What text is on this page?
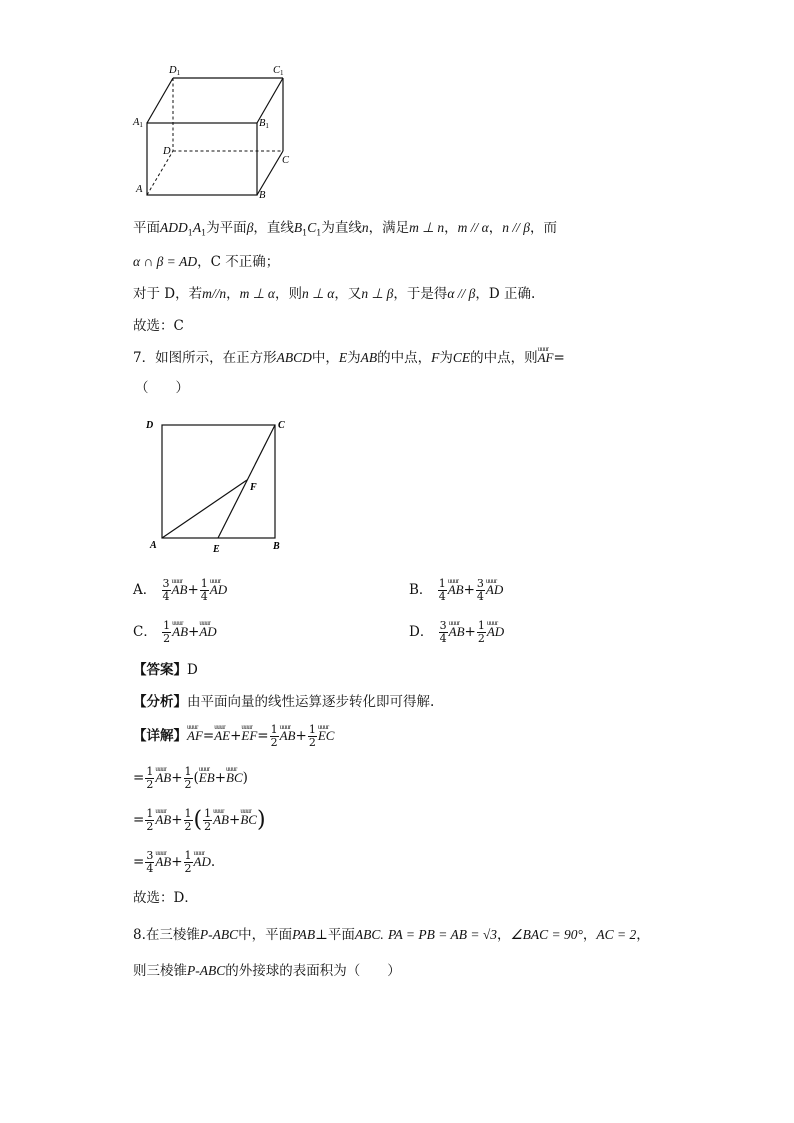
D1	C1
A1	B1
D
C
A
B
平面$ADD_1A_1$为平面β，直线$B_1C_1$为直线n，满足m ⊥ n，m // α，n // β，而
α ∩ β = AD，C 不正确；
对于 D，若m//n，m ⊥ α，则n ⊥ α，又n ⊥ β，于是得α // β，D 正确.
故选：C
7．如图所示，在正方形ABCD中，E为AB的中点，F为CE的中点，则uuur AF=
（　　）
D	C
F
A	E	B
A． $\frac{3}{4}$ uuur $AB+ \frac{1}{4}$ uuur AD	B． $\frac{1}{4}$ uuur $AB+ \frac{3}{4}$ uuur AD
C． $\frac{1}{2}$ uuur AB+uuur AD	D． $\frac{3}{4}$ uuur $AB+ \frac{1}{2}$ uuur AD
【答案】D
【分析】由平面向量的线性运算逐步转化即可得解.
【详解】uuur AF=uuur AE+uuur $EF= \frac{1}{2}$ uuur $AB+ \frac{1}{2}$ uuur EC
= $\frac{1}{2}$ uuur $AB+ \frac{1}{2}$ (uuur EB+uuur BC)
= $\frac{1}{2}$ uuur $AB+ \frac{1}{2}$ ( $\frac{1}{2}$ uuur AB+uuur BC)
= $\frac{3}{4}$ uuur $AB+ \frac{1}{2}$ uuur AD.
故选：D．
8.在三棱锥P-ABC中，平面PAB⊥平面ABC. PA = PB = AB = √3，∠BAC = 90°，AC = 2，
则三棱锥P-ABC的外接球的表面积为（　　）
